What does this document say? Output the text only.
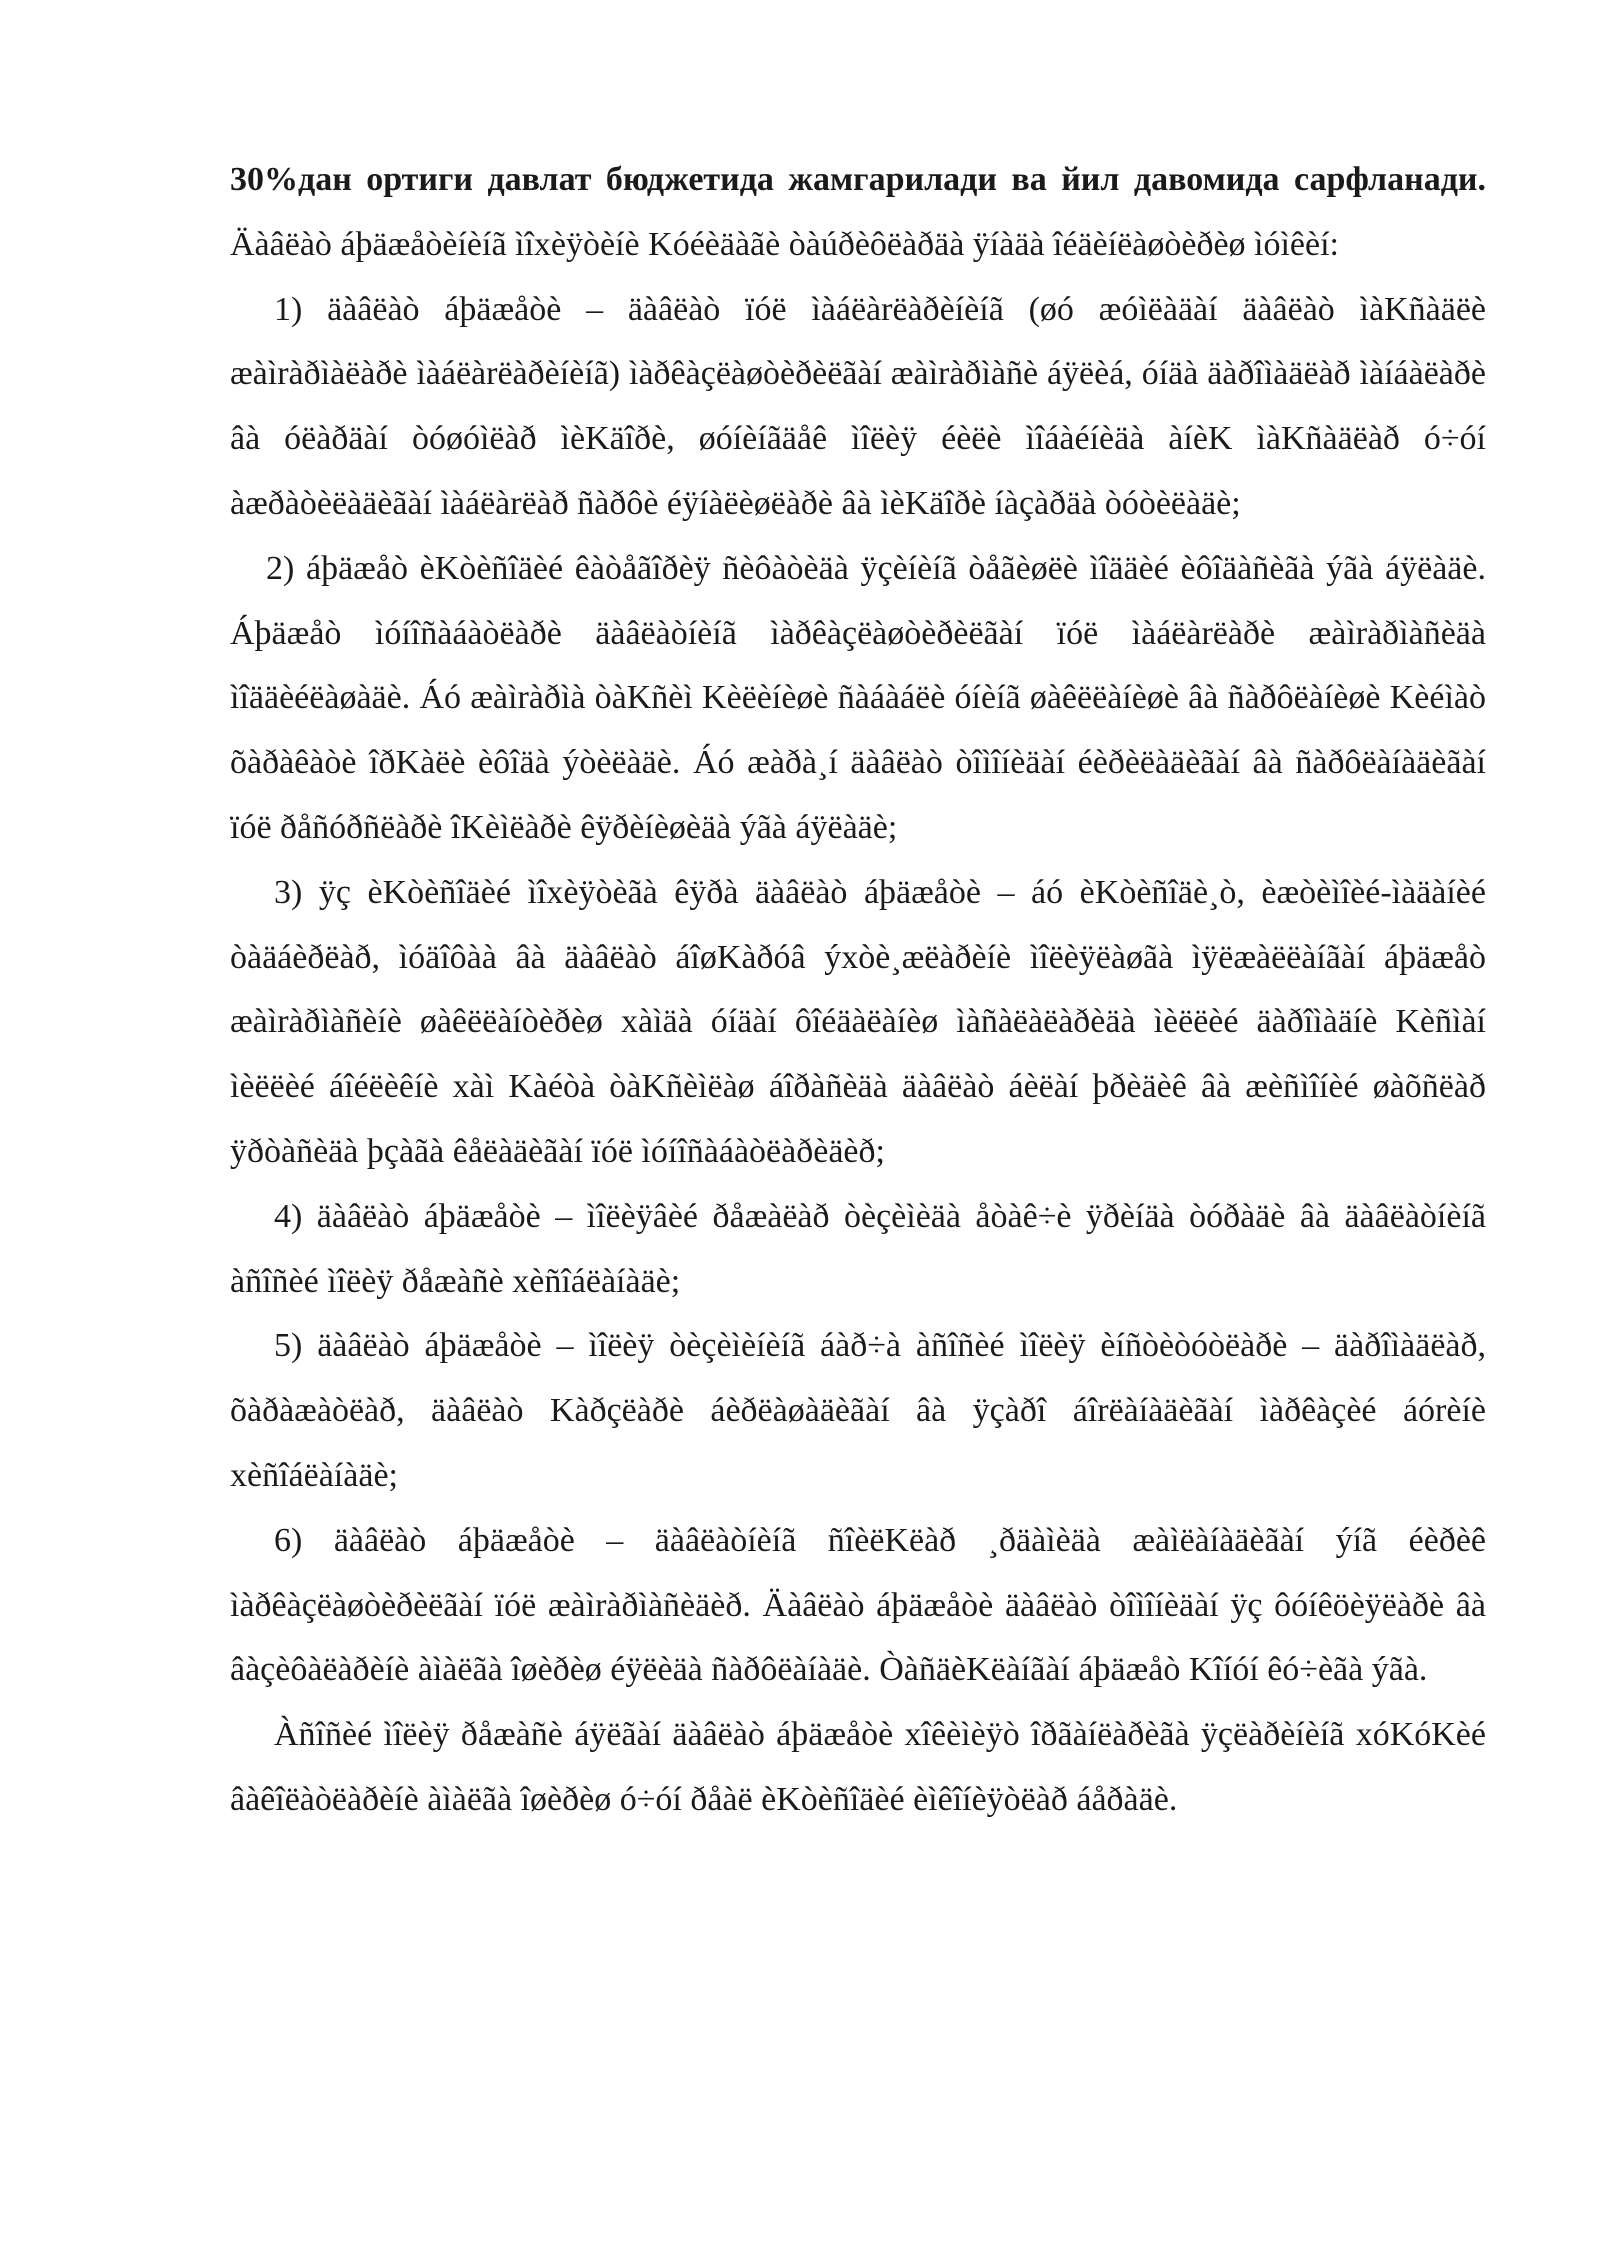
30%дан ортиги давлат бюджетида жамгарилади ва йил давомида сарфланади. Äàâëàò áþäæåòèíèíã ìîxèÿòèíè Kóéèäàãè òàúðèôëàðäà ÿíàäà îéäèíëàøòèðèø ìóìêèí:

1) äàâëàò áþäæåòè – äàâëàò ïóë ìàáëàrëàðèíèíã (øó æóìëàäàí äàâëàò ìàKñàäëè æàìràðìàëàðè ìàáëàrëàðèíèíã) ìàðêàçëàøòèðèëãàí æàìràðìàñè áÿëèá, óíäà äàðîìàäëàð ìàíáàëàðè âà óëàðäàí òóøóìëàð ìèKäîðè, øóíèíãäåê ìîëèÿ éèëè ìîáàéíèäà àíèK ìàKñàäëàð ó÷óí àæðàòèëàäèãàí ìàáëàrëàð ñàðôè éÿíàëèøëàðè âà ìèKäîðè íàçàðäà òóòèëàäè;

2) áþäæåò èKòèñîäèé êàòåãîðèÿ ñèôàòèäà ÿçèíèíã òåãèøëè ìîääèé èôîäàñèãà ýãà áÿëàäè. Áþäæåò ìóíîñàáàòëàðè äàâëàòíèíã ìàðêàçëàøòèðèëãàí ïóë ìàáëàrëàðè æàìràðìàñèäà ìîääèéëàøàäè. Áó æàìràðìà òàKñèì Kèëèíèøè ñàáàáëè óíèíã øàêëëàíèøè âà ñàðôëàíèøè Kèéìàò õàðàêàòè îðKàëè èôîäà ýòèëàäè. Áó æàðà¸í äàâëàò òîìîíèäàí éèðèëàäèãàí âà ñàðôëàíàäèãàí ïóë ðåñóðñëàðè îKèìëàðè êÿðèíèøèäà ýãà áÿëàäè;

3) ÿç èKòèñîäèé ìîxèÿòèãà êÿðà äàâëàò áþäæåòè – áó èKòèñîäè¸ò, èæòèìîèé-ìàäàíèé òàäáèðëàð, ìóäîôàà âà äàâëàò áîøKàðóâ ýxòè¸æëàðèíè ìîëèÿëàøãà ìÿëæàëëàíãàí áþäæåò æàìràðìàñèíè øàêëëàíòèðèø xàìäà óíäàí ôîéäàëàíèø ìàñàëàëàðèäà ìèëëèé äàðîìàäíè Kèñìàí ìèëëèé áîéëèêíè xàì Kàéòà òàKñèìëàø áîðàñèäà äàâëàò áèëàí þðèäèê âà æèñìîíèé øàõñëàð ÿðòàñèäà þçàãà êåëàäèãàí ïóë ìóíîñàáàòëàðèäèð;

4) äàâëàò áþäæåòè – ìîëèÿâèé ðåæàëàð òèçèìèäà åòàê÷è ÿðèíäà òóðàäè âà äàâëàòíèíã àñîñèé ìîëèÿ ðåæàñè xèñîáëàíàäè;

5) äàâëàò áþäæåòè – ìîëèÿ òèçèìèíèíã áàð÷à àñîñèé ìîëèÿ èíñòèòóòëàðè – äàðîìàäëàð, õàðàæàòëàð, äàâëàò Kàðçëàðè áèðëàøàäèãàí âà ÿçàðî áîrëàíàäèãàí ìàðêàçèé áórèíè xèñîáëàíàäè;

6) äàâëàò áþäæåòè – äàâëàòíèíã ñîèëKëàð ¸ðäàìèäà æàìëàíàäèãàí ýíã éèðèê ìàðêàçëàøòèðèëãàí ïóë æàìràðìàñèäèð. Äàâëàò áþäæåòè äàâëàò òîìîíèäàí ÿç ôóíêöèÿëàðè âà âàçèôàëàðèíè àìàëãà îøèðèø éÿëèäà ñàðôëàíàäè. ÒàñäèKëàíãàí áþäæåò Kîíóí êó÷èãà ýãà.

Àñîñèé ìîëèÿ ðåæàñè áÿëãàí äàâëàò áþäæåòè xîêèìèÿò îðãàíëàðèãà ÿçëàðèíèíã xóKóKèé âàêîëàòëàðèíè àìàëãà îøèðèø ó÷óí ðåàë èKòèñîäèé èìêîíèÿòëàð áåðàäè.
